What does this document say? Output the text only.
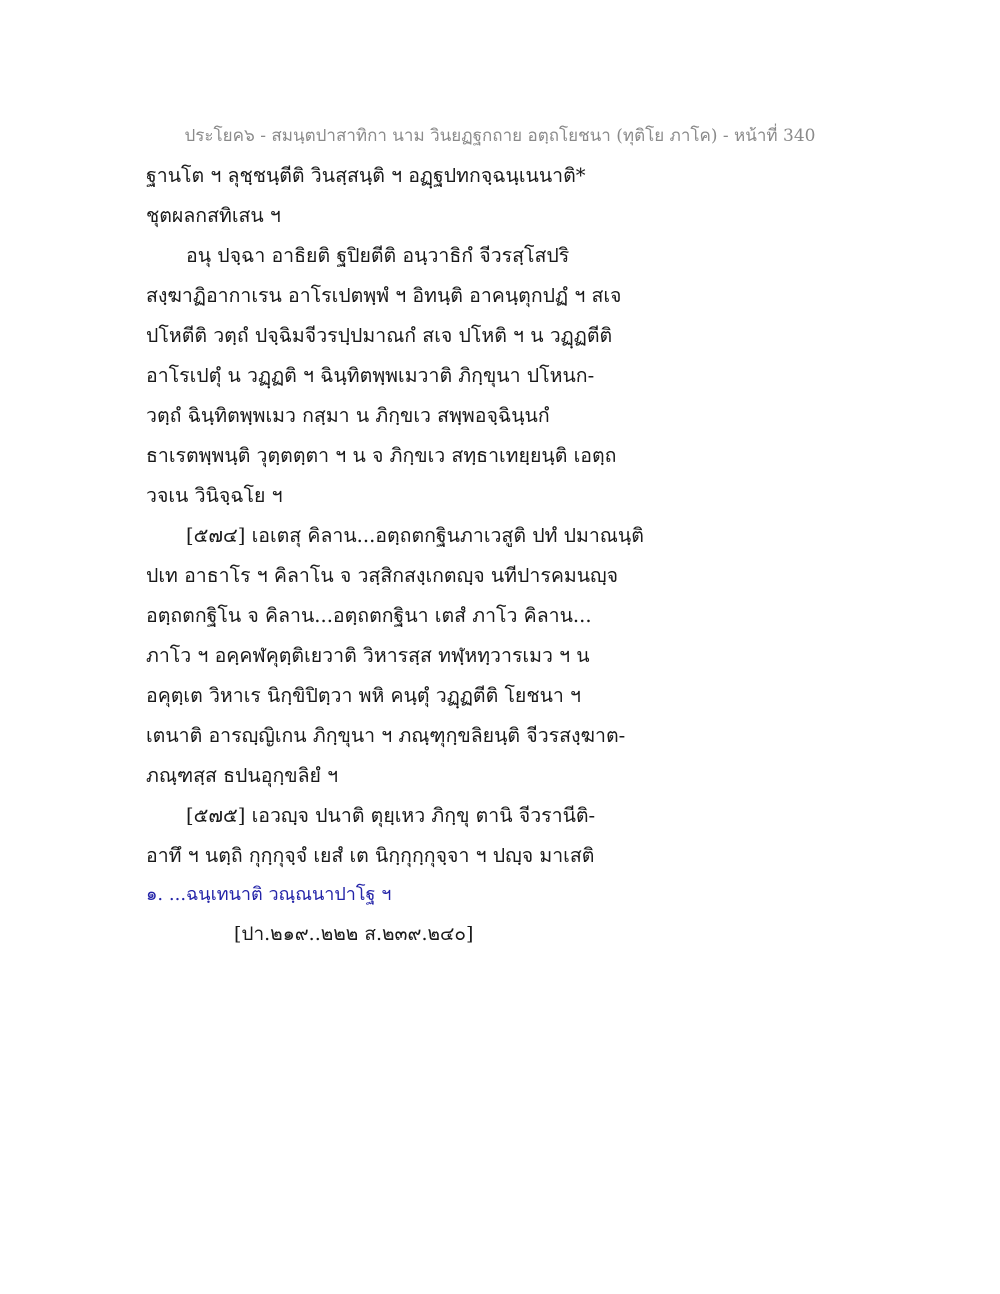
ประโยค๖ - สมนฺตปาสาทิกา นาม วินยฏฐกถาย อตฺถโยชนา (ทุติโย ภาโค) - หน้าที่ 340
ฐานโต ฯ ลุชฺชนฺตีติ วินสฺสนฺติ ฯ อฏฺฐปทกจฺฉนฺเนนาติ*
ชุตผลกสทิเสน ฯ
อนุ ปจฺฉา อาธิยติ ฐปิยตีติ อนฺวาธิกํ จีวรสฺโสปริ
สงฺฆาฏิอากาเรน อาโรเปตพฺพํ ฯ อิทนฺติ อาคนฺตุกปฏํ ฯ สเจ
ปโหตีติ วตฺถํ ปจฺฉิมจีวรปฺปมาณกํ สเจ ปโหติ ฯ น วฏฺฏตีติ
อาโรเปตุํ น วฏฺฏติ ฯ ฉินฺทิตพฺพเมวาติ ภิกฺขุนา ปโหนก-
วตฺถํ ฉินฺทิตพฺพเมว กสฺมา น ภิกฺขเว สพฺพอจฺฉินฺนกํ
ธาเรตพฺพนฺติ วุตฺตตฺตา ฯ น จ ภิกฺขเว สทฺธาเทยฺยนฺติ เอตฺถ
วจเน วินิจฺฉโย ฯ
[๕๗๔] เอเตสุ คิลาน...อตฺถตกฐินภาเวสูติ ปทํ ปมาณนฺติ
ปเท อาธาโร ฯ คิลาโน จ วสฺสิกสงฺเกตญฺจ นทีปารคมนญฺจ
อตฺถตกฐิโน จ คิลาน...อตฺถตกฐินา เตสํ ภาโว คิลาน...
ภาโว ฯ อคฺคฬคุตฺติเยวาติ วิหารสฺส ทฬฺหทฺวารเมว ฯ น
อคุตฺเต วิหาเร นิกฺขิปิตฺวา พหิ คนฺตุํ วฏฺฏตีติ โยชนา ฯ
เตนาติ อารญฺญิเกน ภิกฺขุนา ฯ ภณฺฑุกฺขลิยนฺติ จีวรสงฺฆาต-
ภณฺฑสฺส ธปนอุกฺขลิยํ ฯ
[๕๗๕] เอวญฺจ ปนาติ ตุยฺเหว ภิกฺขุ ตานิ จีวรานีติ-
อาทึ ฯ นตฺถิ กุกฺกุจฺจํ เยสํ เต นิกฺกุกฺกุจฺจา ฯ ปญฺจ มาเสติ
๑. ...ฉนฺเทนาติ วณฺณนาปาโฐ ฯ
[ปา.๒๑๙..๒๒๒ ส.๒๓๙.๒๔๐]
